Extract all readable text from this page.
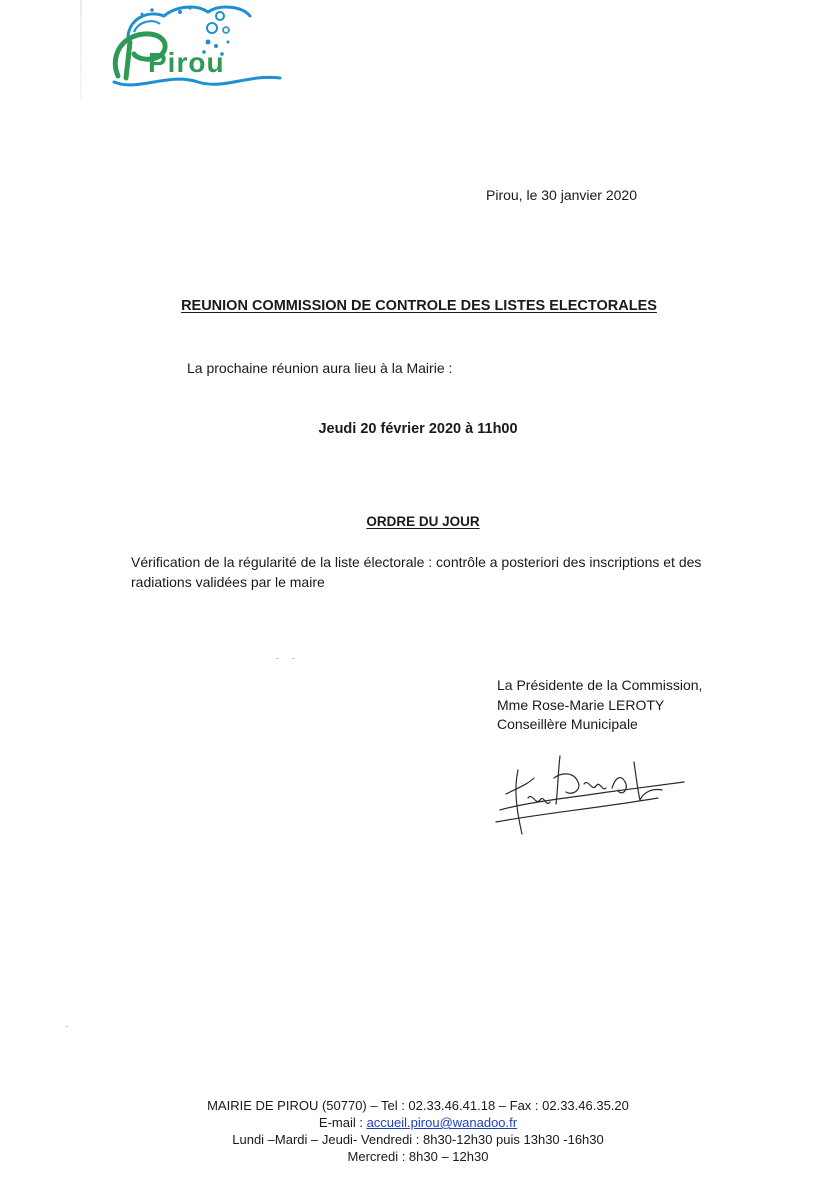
Pirou
Pirou, le 30 janvier 2020
REUNION COMMISSION DE CONTROLE DES LISTES ELECTORALES
La prochaine réunion aura lieu à la Mairie :
Jeudi 20 février 2020 à 11h00
ORDRE DU JOUR
Vérification de la régularité de la liste électorale : contrôle a posteriori des inscriptions et des
radiations validées par le maire
La Présidente de la Commission,
Mme Rose-Marie LEROTY
Conseillère Municipale
MAIRIE DE PIROU (50770) – Tel : 02.33.46.41.18 – Fax : 02.33.46.35.20
E-mail : accueil.pirou@wanadoo.fr
Lundi –Mardi – Jeudi- Vendredi : 8h30-12h30 puis 13h30 -16h30
Mercredi : 8h30 – 12h30
